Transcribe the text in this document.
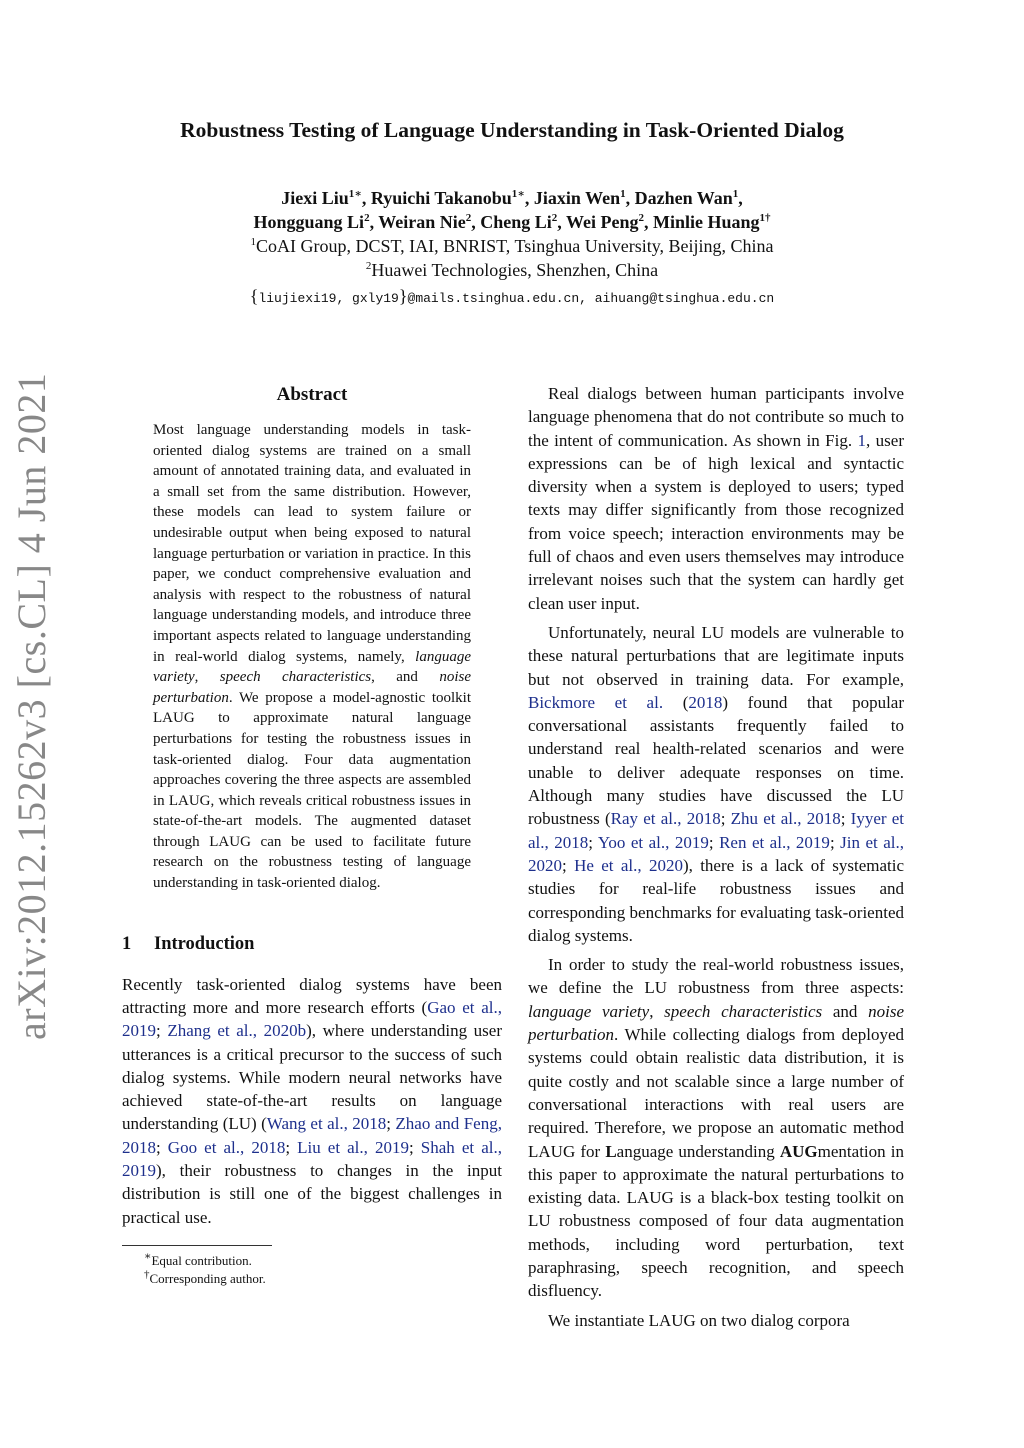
Robustness Testing of Language Understanding in Task-Oriented Dialog
Jiexi Liu$^{1∗}$, Ryuichi Takanobu$^{1∗}$, Jiaxin Wen$^1$, Dazhen Wan$^1$,
Hongguang Li$^2$, Weiran Nie$^2$, Cheng Li$^2$, Wei Peng$^2$, Minlie Huang$^{1\dagger}$
$^1$CoAI Group, DCST, IAI, BNRIST, Tsinghua University, Beijing, China
$^2$Huawei Technologies, Shenzhen, China
{liujiexi19, gxly19}@mails.tsinghua.edu.cn, aihuang@tsinghua.edu.cn
arXiv:2012.15262v3 [cs.CL] 4 Jun 2021	Abstract
Most language understanding models in task-oriented dialog systems are trained on a small amount of annotated training data, and evaluated in a small set from the same distribution. However, these models can lead to system failure or undesirable output when being exposed to natural language perturbation or variation in practice. In this paper, we conduct comprehensive evaluation and analysis with respect to the robustness of natural language understanding models, and introduce three important aspects related to language understanding in real-world dialog systems, namely, language variety, speech characteristics, and noise perturbation. We propose a model-agnostic toolkit LAUG to approximate natural language perturbations for testing the robustness issues in task-oriented dialog. Four data augmentation approaches covering the three aspects are assembled in LAUG, which reveals critical robustness issues in state-of-the-art models. The augmented dataset through LAUG can be used to facilitate future research on the robustness testing of language understanding in task-oriented dialog.
1 Introduction

Recently task-oriented dialog systems have been attracting more and more research efforts (Gao et al., 2019; Zhang et al., 2020b), where understanding user utterances is a critical precursor to the success of such dialog systems. While modern neural networks have achieved state-of-the-art results on language understanding (LU) (Wang et al., 2018; Zhao and Feng, 2018; Goo et al., 2018; Liu et al., 2019; Shah et al., 2019), their robustness to changes in the input distribution is still one of the biggest challenges in practical use.

∗Equal contribution.
†Corresponding author.

Real dialogs between human participants involve language phenomena that do not contribute so much to the intent of communication. As shown in Fig. 1, user expressions can be of high lexical and syntactic diversity when a system is deployed to users; typed texts may differ significantly from those recognized from voice speech; interaction environments may be full of chaos and even users themselves may introduce irrelevant noises such that the system can hardly get clean user input.

Unfortunately, neural LU models are vulnerable to these natural perturbations that are legitimate inputs but not observed in training data. For example, Bickmore et al. (2018) found that popular conversational assistants frequently failed to understand real health-related scenarios and were unable to deliver adequate responses on time. Although many studies have discussed the LU robustness (Ray et al., 2018; Zhu et al., 2018; Iyyer et al., 2018; Yoo et al., 2019; Ren et al., 2019; Jin et al., 2020; He et al., 2020), there is a lack of systematic studies for real-life robustness issues and corresponding benchmarks for evaluating task-oriented dialog systems.

In order to study the real-world robustness issues, we define the LU robustness from three aspects: language variety, speech characteristics and noise perturbation. While collecting dialogs from deployed systems could obtain realistic data distribution, it is quite costly and not scalable since a large number of conversational interactions with real users are required. Therefore, we propose an automatic method LAUG for Language understanding AUGmentation in this paper to approximate the natural perturbations to existing data. LAUG is a black-box testing toolkit on LU robustness composed of four data augmentation methods, including word perturbation, text paraphrasing, speech recognition, and speech disfluency.

We instantiate LAUG on two dialog corpora
